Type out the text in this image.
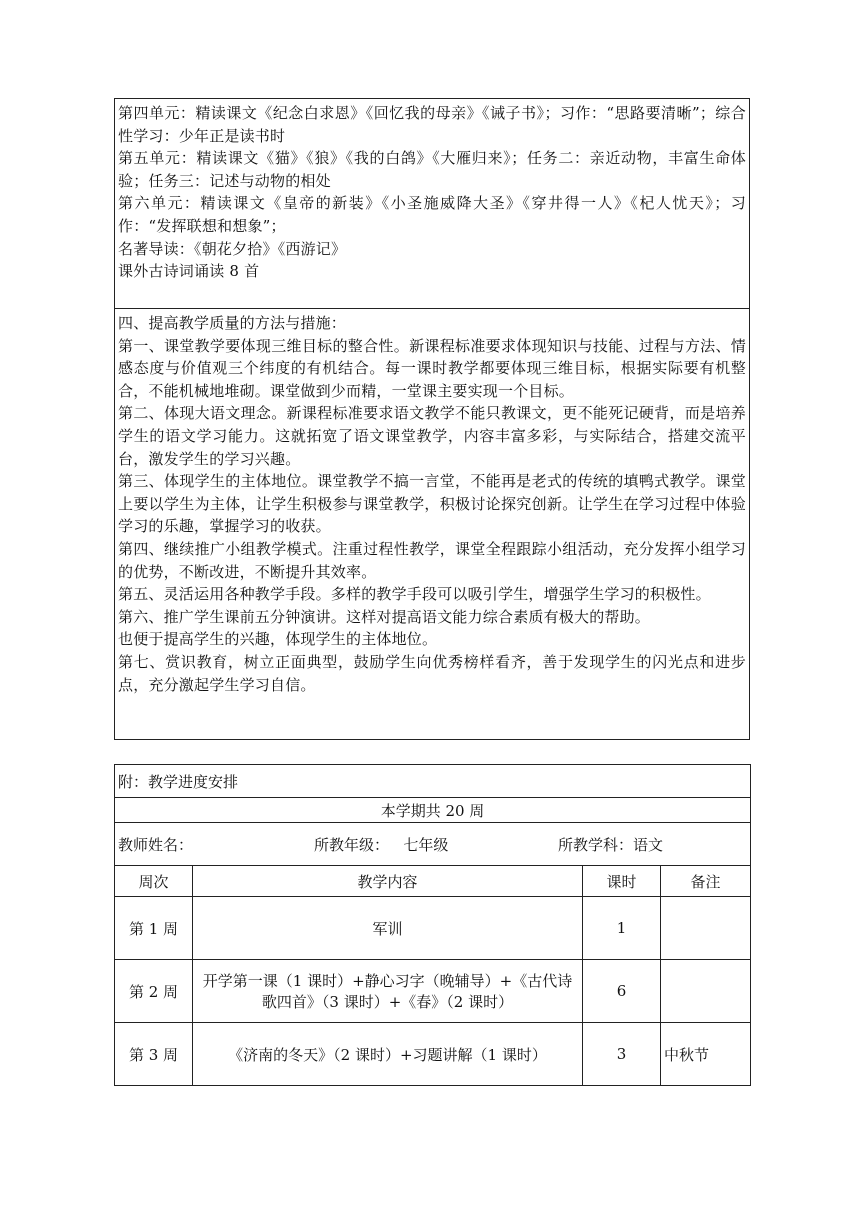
第四单元：精读课文《纪念白求恩》《回忆我的母亲》《诫子书》；习作：“思路要清晰”；综合性学习：少年正是读书时

第五单元：精读课文《猫》《狼》《我的白鸽》《大雁归来》；任务二：亲近动物，丰富生命体验；任务三：记述与动物的相处

第六单元：精读课文《皇帝的新装》《小圣施威降大圣》《穿井得一人》《杞人忧天》；习作：“发挥联想和想象”；

名著导读：《朝花夕拾》《西游记》

课外古诗词诵读 8 首

四、提高教学质量的方法与措施：

第一、课堂教学要体现三维目标的整合性。新课程标准要求体现知识与技能、过程与方法、情感态度与价值观三个纬度的有机结合。每一课时教学都要体现三维目标，根据实际要有机整合，不能机械地堆砌。课堂做到少而精，一堂课主要实现一个目标。

第二、体现大语文理念。新课程标准要求语文教学不能只教课文，更不能死记硬背，而是培养学生的语文学习能力。这就拓宽了语文课堂教学，内容丰富多彩，与实际结合，搭建交流平台，激发学生的学习兴趣。

第三、体现学生的主体地位。课堂教学不搞一言堂，不能再是老式的传统的填鸭式教学。课堂上要以学生为主体，让学生积极参与课堂教学，积极讨论探究创新。让学生在学习过程中体验学习的乐趣，掌握学习的收获。

第四、继续推广小组教学模式。注重过程性教学，课堂全程跟踪小组活动，充分发挥小组学习的优势，不断改进，不断提升其效率。

第五、灵活运用各种教学手段。多样的教学手段可以吸引学生，增强学生学习的积极性。

第六、推广学生课前五分钟演讲。这样对提高语文能力综合素质有极大的帮助。

也便于提高学生的兴趣，体现学生的主体地位。

第七、赏识教育，树立正面典型，鼓励学生向优秀榜样看齐，善于发现学生的闪光点和进步点，充分激起学生学习自信。

附：教学进度安排			
本学期共 20 周			

教师姓名： 所教年级： 七年级 所教学科：语文			

周次	教学内容	课时	备注
第 1 周	军训	1	
第 2 周	开学第一课（1 课时）+静心习字（晚辅导）+《古代诗歌四首》（3 课时）+《春》（2 课时）	6	
第 3 周	《济南的冬天》（2 课时）+习题讲解（1 课时）	3	中秋节
